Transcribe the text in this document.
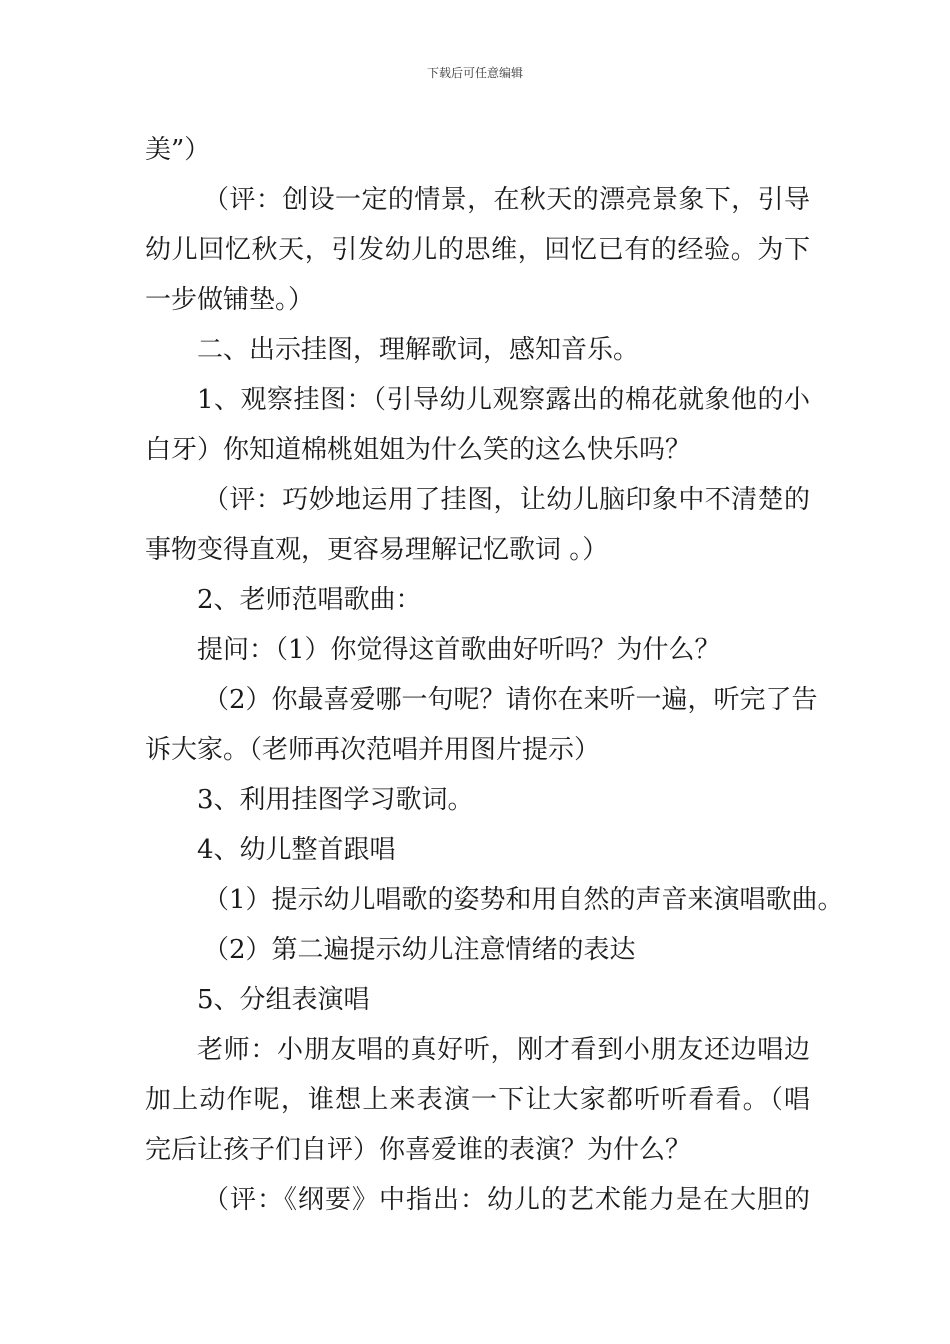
下载后可任意编辑
美”）
（评：创设一定的情景，在秋天的漂亮景象下，引导
幼儿回忆秋天，引发幼儿的思维，回忆已有的经验。为下
一步做铺垫。）
二、出示挂图，理解歌词，感知音乐。
1、观察挂图：（引导幼儿观察露出的棉花就象他的小
白牙）你知道棉桃姐姐为什么笑的这么快乐吗？
（评：巧妙地运用了挂图，让幼儿脑印象中不清楚的
事物变得直观，更容易理解记忆歌词 。）
2、老师范唱歌曲：
提问：（1）你觉得这首歌曲好听吗？为什么？
（2）你最喜爱哪一句呢？请你在来听一遍，听完了告
诉大家。（老师再次范唱并用图片提示）
3、利用挂图学习歌词。
4、幼儿整首跟唱
（1）提示幼儿唱歌的姿势和用自然的声音来演唱歌曲。
（2）第二遍提示幼儿注意情绪的表达
5、分组表演唱
老师：小朋友唱的真好听，刚才看到小朋友还边唱边
加上动作呢，谁想上来表演一下让大家都听听看看。（唱
完后让孩子们自评）你喜爱谁的表演？为什么？
（评：《纲要》中指出：幼儿的艺术能力是在大胆的
